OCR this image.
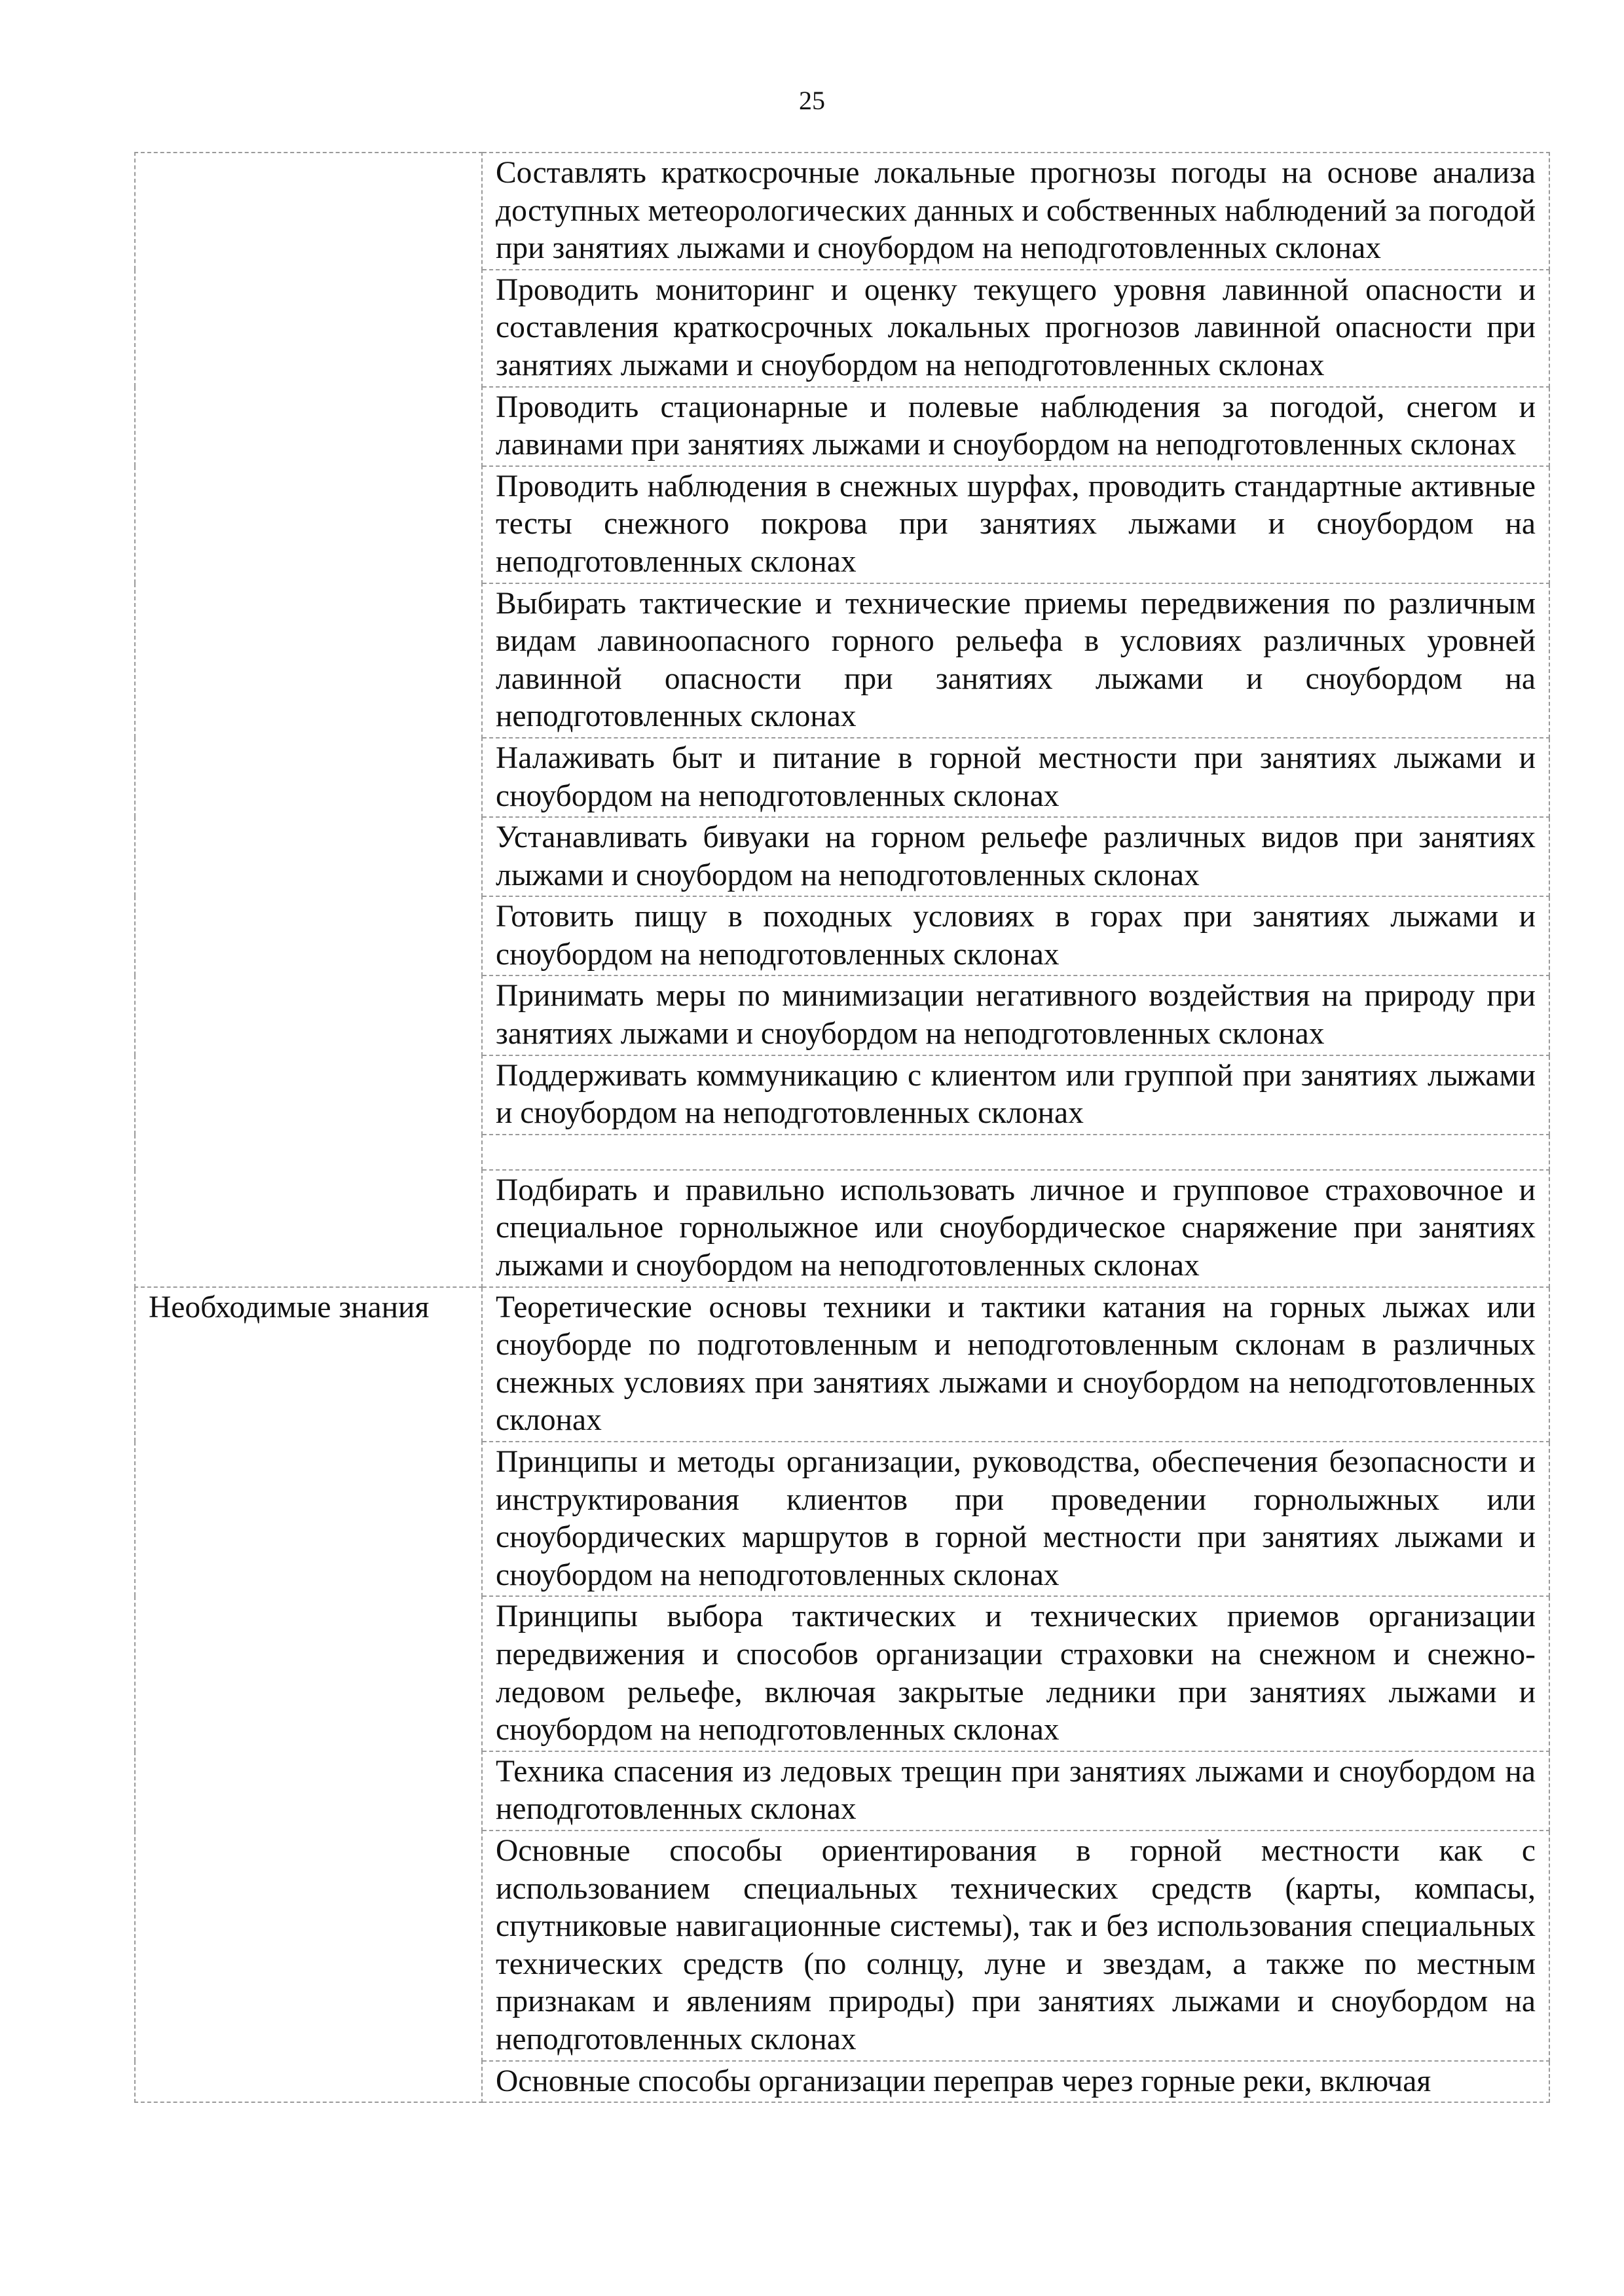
25
	Составлять краткосрочные локальные прогнозы погоды на основе анализа доступных метеорологических данных и собственных наблюдений за погодой при занятиях лыжами и сноубордом на неподготовленных склонах
	Проводить мониторинг и оценку текущего уровня лавинной опасности и составления краткосрочных локальных прогнозов лавинной опасности при занятиях лыжами и сноубордом на неподготовленных склонах
	Проводить стационарные и полевые наблюдения за погодой, снегом и лавинами при занятиях лыжами и сноубордом на неподготовленных склонах
	Проводить наблюдения в снежных шурфах, проводить стандартные активные тесты снежного покрова при занятиях лыжами и сноубордом на неподготовленных склонах
	Выбирать тактические и технические приемы передвижения по различным видам лавиноопасного горного рельефа в условиях различных уровней лавинной опасности при занятиях лыжами и сноубордом на неподготовленных склонах
	Налаживать быт и питание в горной местности при занятиях лыжами и сноубордом на неподготовленных склонах
	Устанавливать бивуаки на горном рельефе различных видов при занятиях лыжами и сноубордом на неподготовленных склонах
	Готовить пищу в походных условиях в горах при занятиях лыжами и сноубордом на неподготовленных склонах
	Принимать меры по минимизации негативного воздействия на природу при занятиях лыжами и сноубордом на неподготовленных склонах
	Поддерживать коммуникацию с клиентом или группой при занятиях лыжами и сноубордом на неподготовленных склонах

	Подбирать и правильно использовать личное и групповое страховочное и специальное горнолыжное или сноубордическое снаряжение при занятиях лыжами и сноубордом на неподготовленных склонах
Необходимые знания	Теоретические основы техники и тактики катания на горных лыжах или сноуборде по подготовленным и неподготовленным склонам в различных снежных условиях при занятиях лыжами и сноубордом на неподготовленных склонах
	Принципы и методы организации, руководства, обеспечения безопасности и инструктирования клиентов при проведении горнолыжных или сноубордических маршрутов в горной местности при занятиях лыжами и сноубордом на неподготовленных склонах
	Принципы выбора тактических и технических приемов организации передвижения и способов организации страховки на снежном и снежно-ледовом рельефе, включая закрытые ледники при занятиях лыжами и сноубордом на неподготовленных склонах
	Техника спасения из ледовых трещин при занятиях лыжами и сноубордом на неподготовленных склонах
	Основные способы ориентирования в горной местности как с использованием специальных технических средств (карты, компасы, спутниковые навигационные системы), так и без использования специальных технических средств (по солнцу, луне и звездам, а также по местным признакам и явлениям природы) при занятиях лыжами и сноубордом на неподготовленных склонах
	Основные способы организации переправ через горные реки, включая
